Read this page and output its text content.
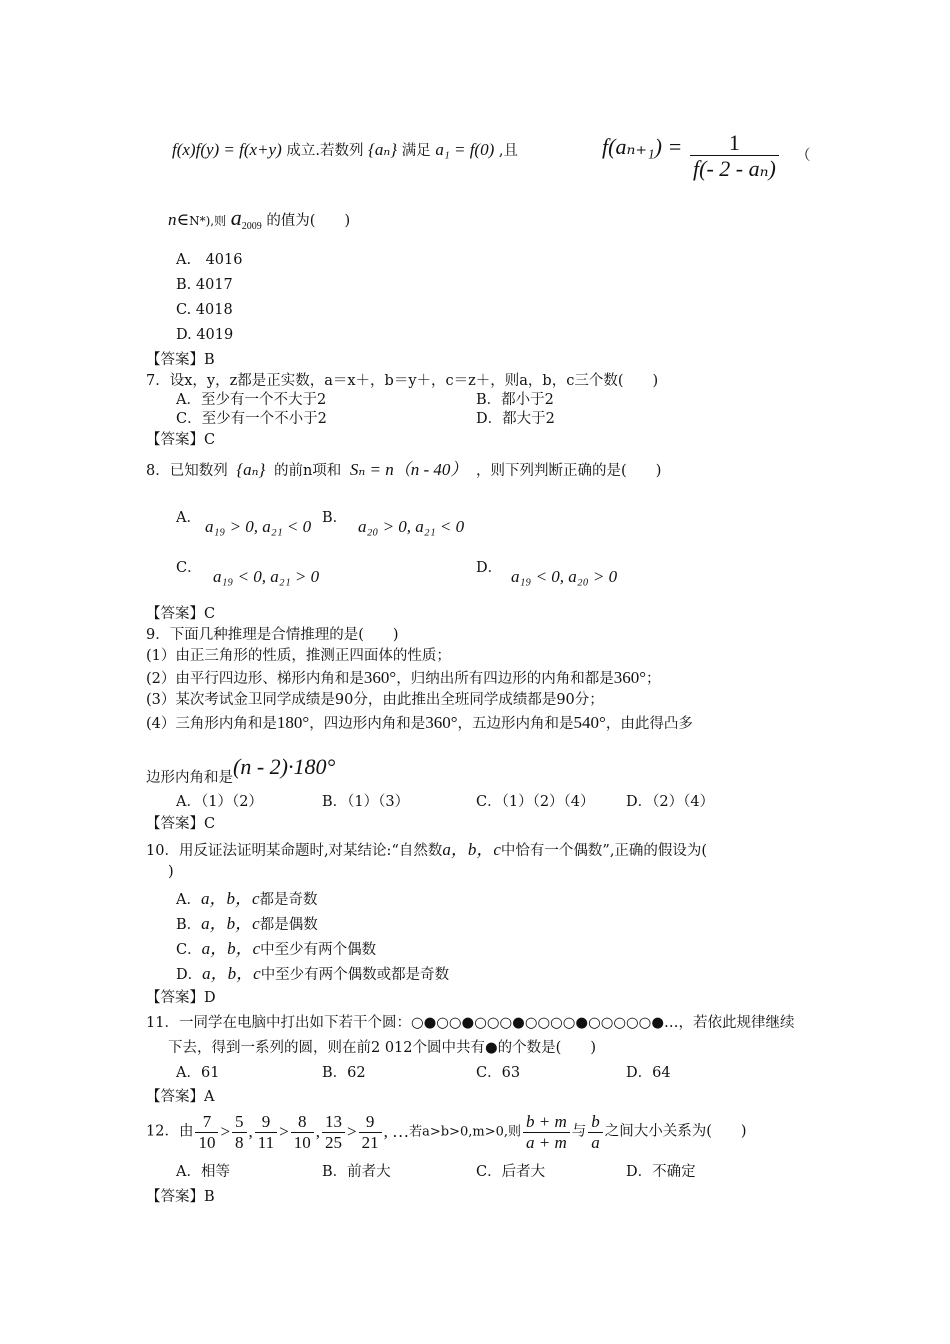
f(x)f(y) = f(x+y) 成立.若数列 {aₙ} 满足 a₁ = f(0) ,且	$f(a_{n+1}) = \frac{1}{\text{f(- 2 - aₙ)}}$ （
n∈N*),则 $a_{2009}$ 的值为(　　)
A.　4016
B. 4017
C. 4018
D. 4019
【答案】B
7．设x，y，z都是正实数，a＝x＋，b＝y＋，c＝z＋，则a，b，c三个数(　　)
A．至少有一个不大于2	B．都小于2
C．至少有一个不小于2	D．都大于2
【答案】C
8．已知数列 {aₙ} 的前n项和 Sₙ = n（n - 40） ，则下列判断正确的是(　　)
A． a₁₉ > 0, a₂₁ < 0 B． a₂₀ > 0, a₂₁ < 0
C． a₁₉ < 0, a₂₁ > 0	D． a₁₉ < 0, a₂₀ > 0
【答案】C
9．下面几种推理是合情推理的是(　　)
(1）由正三角形的性质，推测正四面体的性质；
(2）由平行四边形、梯形内角和是360°，归纳出所有四边形的内角和都是360°；
(3）某次考试金卫同学成绩是90分，由此推出全班同学成绩都是90分；
(4）三角形内角和是180°，四边形内角和是360°，五边形内角和是540°，由此得凸多
边形内角和是(n - 2)∙180°
A．（1）（2）	B．（1）（3）	C．（1）（2）（4） D．（2）（4）
【答案】C
10．用反证法证明某命题时,对某结论:“自然数a，b，c中恰有一个偶数”,正确的假设为(
)
A．a，b，c都是奇数
B．a，b，c都是偶数
C．a，b，c中至少有两个偶数
D．a，b，c中至少有两个偶数或都是奇数
【答案】D
11．一同学在电脑中打出如下若干个圆：○●○○●○○○●○○○○●○○○○○●…，若依此规律继续
下去，得到一系列的圆，则在前2 012个圆中共有●的个数是(　　)
A．61	B．62	C．63	D．64
【答案】A
12．由 $\frac{7}{10} > \frac{5}{8}$ , $\frac{9}{11} > \frac{8}{10}$ , $\frac{13}{25} > \frac{9}{21}$ , …若a>b>0,m>0,则 $\frac{b + m}{a + m}$ 与 $\frac{b}{a}$ 之间大小关系为(　　)
A．相等	B．前者大	C．后者大	D．不确定
【答案】B
